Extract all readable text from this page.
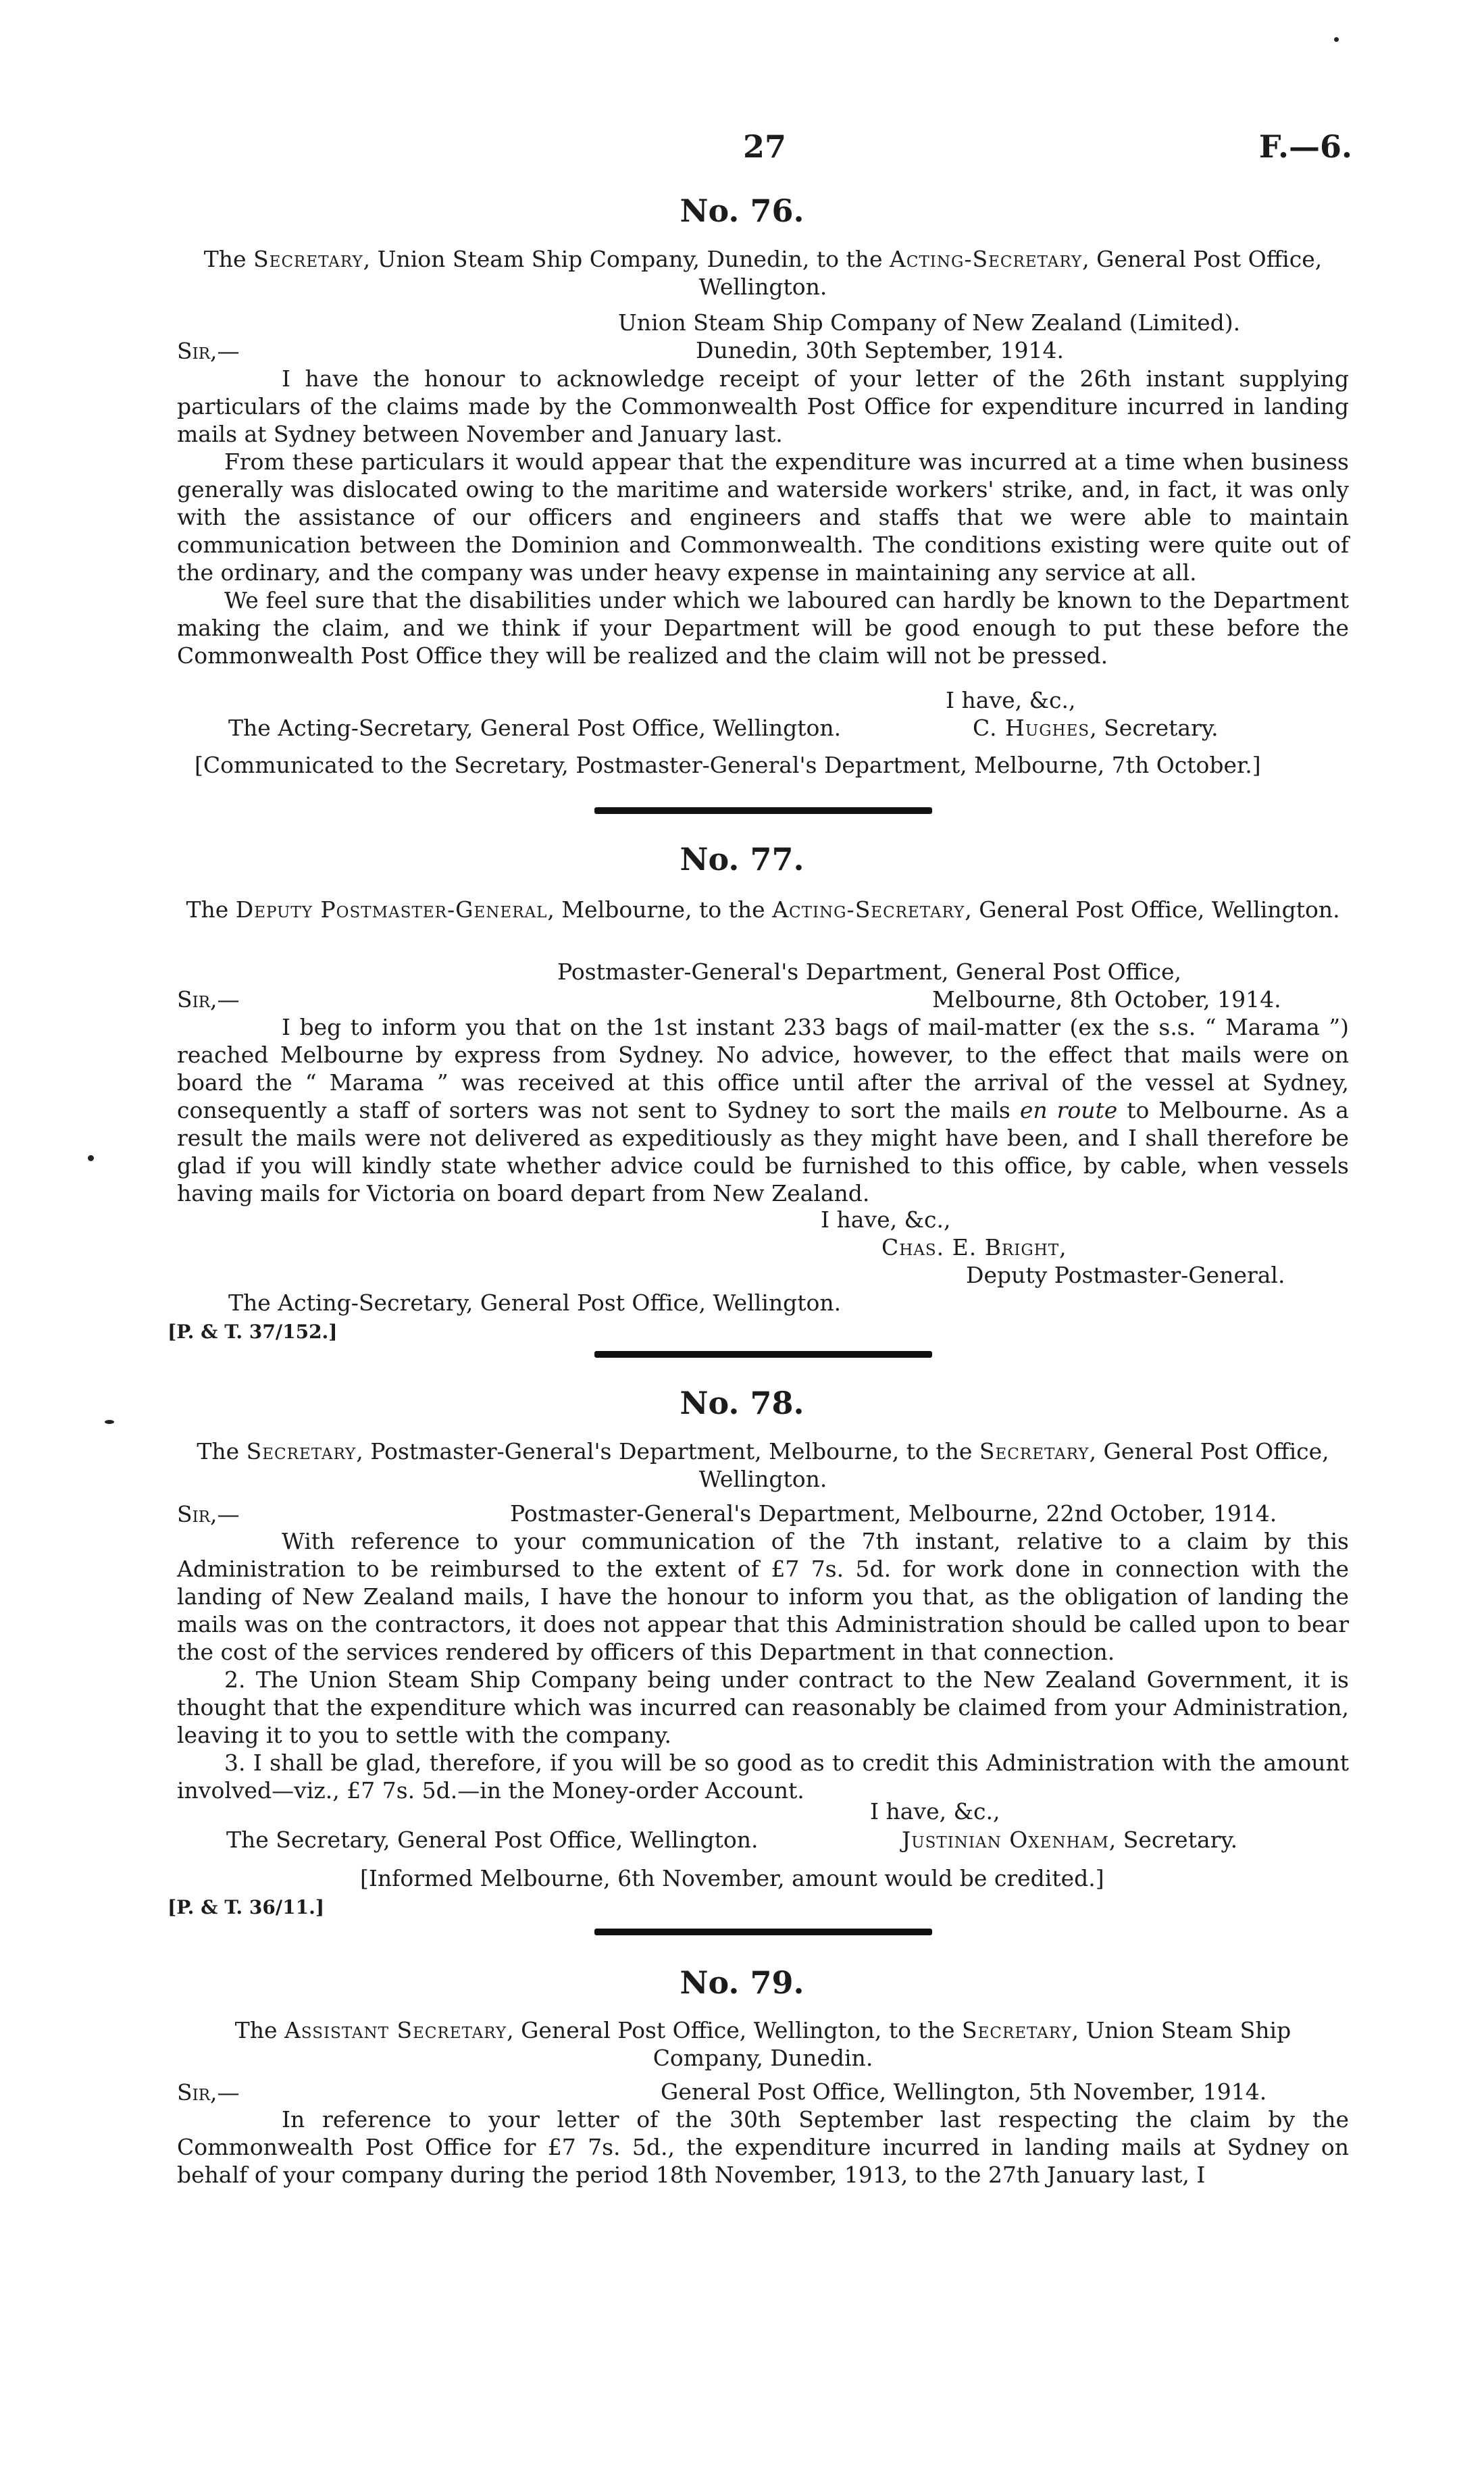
27	F.—6.
No. 76.
The Secretary, Union Steam Ship Company, Dunedin, to the Acting-Secretary, General Post Office, Wellington.
Union Steam Ship Company of New Zealand (Limited).
Sir,—	Dunedin, 30th September, 1914.

I have the honour to acknowledge receipt of your letter of the 26th instant supplying particulars of the claims made by the Commonwealth Post Office for expenditure incurred in landing mails at Sydney between November and January last.

From these particulars it would appear that the expenditure was incurred at a time when business generally was dislocated owing to the maritime and waterside workers' strike, and, in fact, it was only with the assistance of our officers and engineers and staffs that we were able to maintain communication between the Dominion and Commonwealth. The conditions existing were quite out of the ordinary, and the company was under heavy expense in maintaining any service at all.

We feel sure that the disabilities under which we laboured can hardly be known to the Department making the claim, and we think if your Department will be good enough to put these before the Commonwealth Post Office they will be realized and the claim will not be pressed.

I have, &c.,
The Acting-Secretary, General Post Office, Wellington.	C. Hughes, Secretary.
[Communicated to the Secretary, Postmaster-General's Department, Melbourne, 7th October.]
No. 77.
The Deputy Postmaster-General, Melbourne, to the Acting-Secretary, General Post Office, Wellington.
Postmaster-General's Department, General Post Office,
Sir,—	Melbourne, 8th October, 1914.

I beg to inform you that on the 1st instant 233 bags of mail-matter (ex the s.s. “ Marama ”) reached Melbourne by express from Sydney. No advice, however, to the effect that mails were on board the “ Marama ” was received at this office until after the arrival of the vessel at Sydney, consequently a staff of sorters was not sent to Sydney to sort the mails en route to Melbourne. As a result the mails were not delivered as expeditiously as they might have been, and I shall therefore be glad if you will kindly state whether advice could be furnished to this office, by cable, when vessels having mails for Victoria on board depart from New Zealand.

I have, &c.,
Chas. E. Bright,
Deputy Postmaster-General.
The Acting-Secretary, General Post Office, Wellington.
[P. & T. 37/152.]
No. 78.
The Secretary, Postmaster-General's Department, Melbourne, to the Secretary, General Post Office, Wellington.
Sir,—	Postmaster-General's Department, Melbourne, 22nd October, 1914.

With reference to your communication of the 7th instant, relative to a claim by this Administration to be reimbursed to the extent of £7 7s. 5d. for work done in connection with the landing of New Zealand mails, I have the honour to inform you that, as the obligation of landing the mails was on the contractors, it does not appear that this Administration should be called upon to bear the cost of the services rendered by officers of this Department in that connection.

2. The Union Steam Ship Company being under contract to the New Zealand Government, it is thought that the expenditure which was incurred can reasonably be claimed from your Administration, leaving it to you to settle with the company.

3. I shall be glad, therefore, if you will be so good as to credit this Administration with the amount involved—viz., £7 7s. 5d.—in the Money-order Account.

I have, &c.,
The Secretary, General Post Office, Wellington.	Justinian Oxenham, Secretary.
[Informed Melbourne, 6th November, amount would be credited.]
[P. & T. 36/11.]
No. 79.
The Assistant Secretary, General Post Office, Wellington, to the Secretary, Union Steam Ship Company, Dunedin.
Sir,—	General Post Office, Wellington, 5th November, 1914.

In reference to your letter of the 30th September last respecting the claim by the Commonwealth Post Office for £7 7s. 5d., the expenditure incurred in landing mails at Sydney on behalf of your company during the period 18th November, 1913, to the 27th January last, I
